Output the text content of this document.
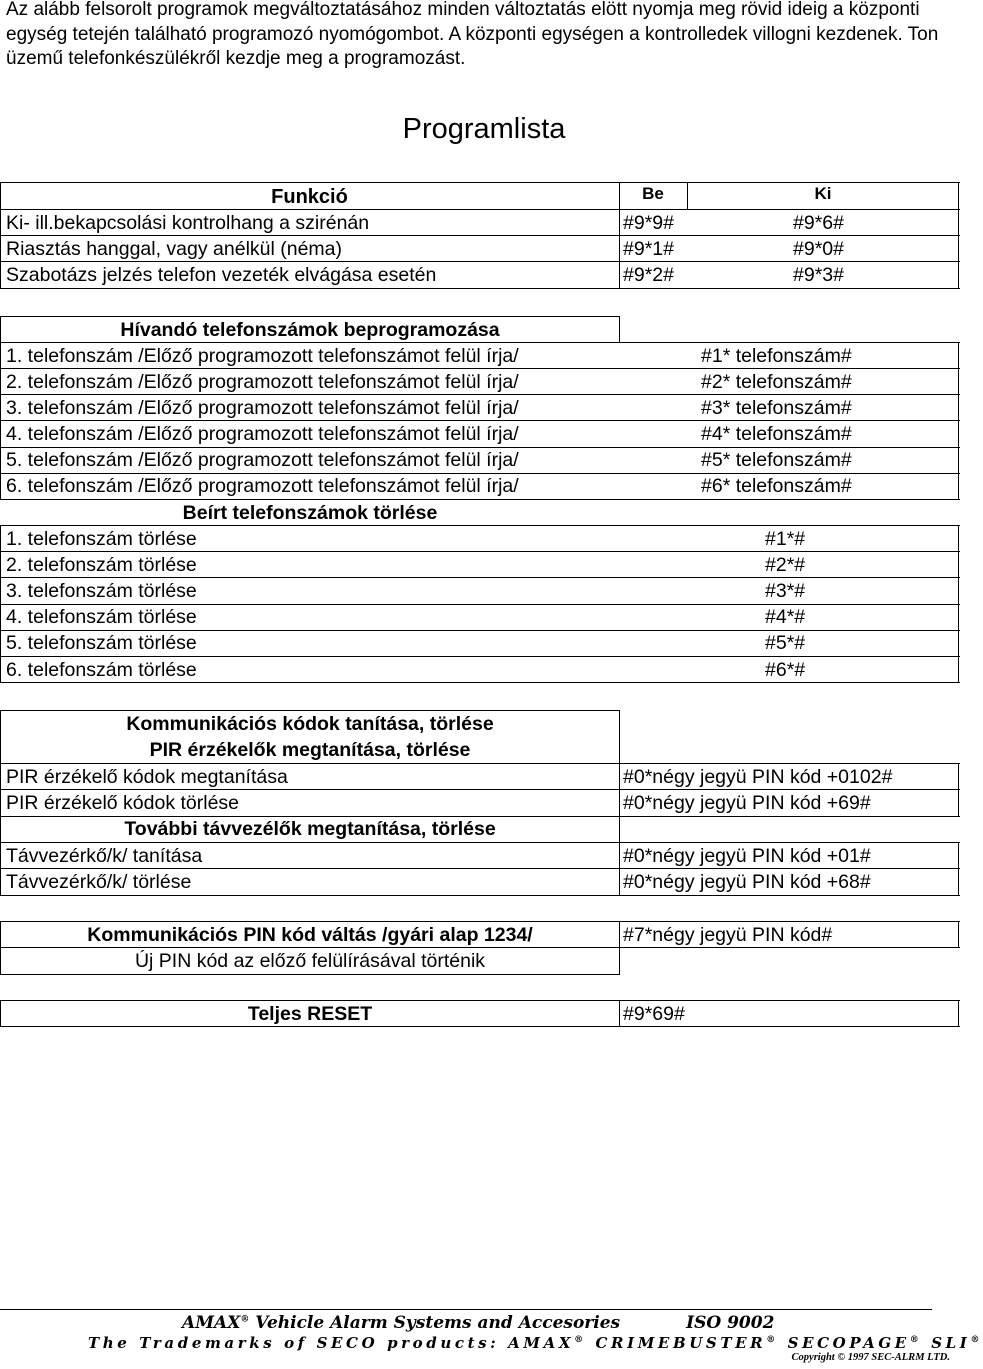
Az alább felsorolt programok megváltoztatásához minden változtatás elött nyomja meg rövid ideig a központi egység tetején található programozó nyomógombot. A központi egységen a kontrolledek villogni kezdenek. Ton üzemű telefonkészülékről kezdje meg a programozást.
Programlista
Funkció	Be	Ki
Ki- ill.bekapcsolási kontrolhang a szirénán	#9*9#	#9*6#
Riasztás hanggal, vagy anélkül (néma)	#9*1#	#9*0#
Szabotázs jelzés telefon vezeték elvágása esetén	#9*2#	#9*3#
Hívandó telefonszámok beprogramozása
1. telefonszám /Előző programozott telefonszámot felül írja/	#1* telefonszám#
2. telefonszám /Előző programozott telefonszámot felül írja/	#2* telefonszám#
3. telefonszám /Előző programozott telefonszámot felül írja/	#3* telefonszám#
4. telefonszám /Előző programozott telefonszámot felül írja/	#4* telefonszám#
5. telefonszám /Előző programozott telefonszámot felül írja/	#5* telefonszám#
6. telefonszám /Előző programozott telefonszámot felül írja/	#6* telefonszám#
Beírt telefonszámok törlése
1. telefonszám törlése	#1*#
2. telefonszám törlése	#2*#
3. telefonszám törlése	#3*#
4. telefonszám törlése	#4*#
5. telefonszám törlése	#5*#
6. telefonszám törlése	#6*#
Kommunikációs kódok tanítása, törlése
PIR érzékelők megtanítása, törlése
PIR érzékelő kódok megtanítása	#0*négy jegyü PIN kód +0102#
PIR érzékelő kódok törlése	#0*négy jegyü PIN kód +69#
További távvezélők megtanítása, törlése
Távvezérkő/k/ tanítása	#0*négy jegyü PIN kód +01#
Távvezérkő/k/ törlése	#0*négy jegyü PIN kód +68#
Kommunikációs PIN kód váltás /gyári alap 1234/	#7*négy jegyü PIN kód#
Új PIN kód az előző felülírásával történik
Teljes RESET	#9*69#
AMAX® Vehicle Alarm Systems and Accesories	ISO 9002
The Trademarks of SECO products: AMAX® CRIMEBUSTER® SECOPAGE® SLI®
Copyright © 1997 SEC-ALRM LTD.
